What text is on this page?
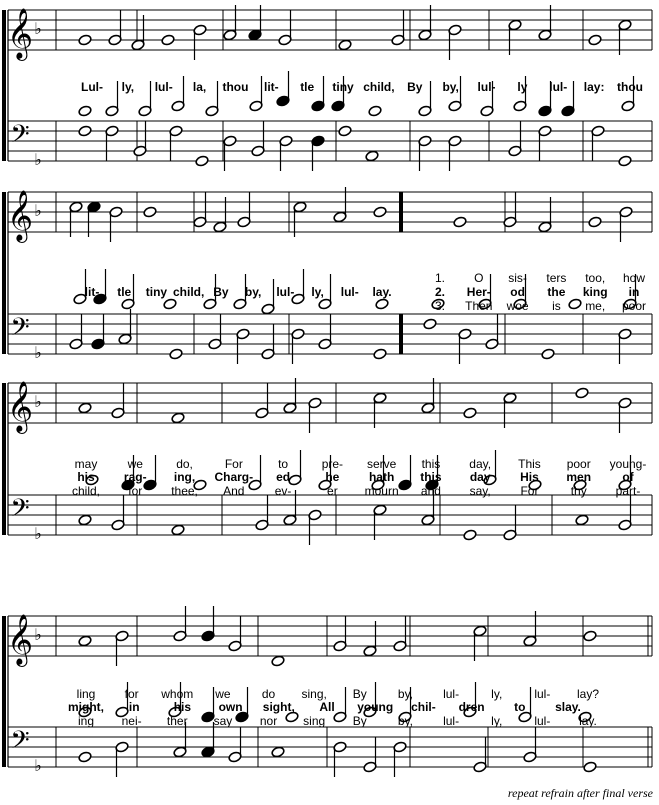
𝄞 ♭
𝄢
♭
𝄞 ♭
𝄢
♭
𝄞 ♭
𝄢
♭
𝄞 ♭
𝄢
♭
Lul- ly, lul- la, thou lit- tle tiny child, By by, lul- ly lul- lay: thou
lit- tle tiny child, By by, lul- ly, lul- lay.
1. O sis- ters too, how
2. Her- od the king in
3. Then woe is me, poor
may	we	do,	For	to	pre- serve this day, This poor young-
his rag- ing, Charg- ed	he hath this day His men	of
child, for thee, And	ev-	er mourn and say, For	thy part-
ling for whom we	do sing, By	by,	lul-	ly,	lul- lay?
might, in	his own sight, All young chil- dren to slay.
ing nei- ther say nor sing By	by,	lul-	ly,	lul- lay.
repeat refrain after final verse
